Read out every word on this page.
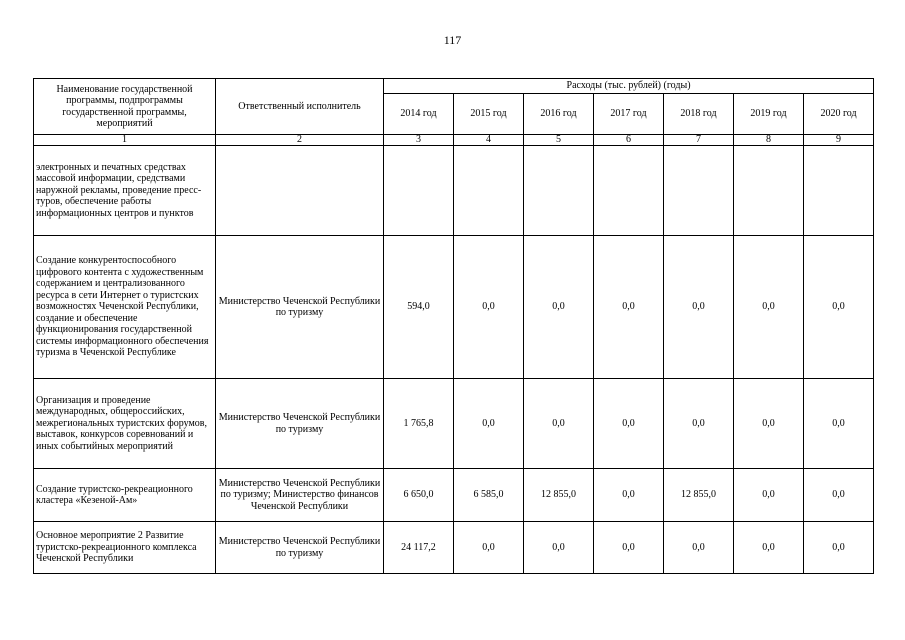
117
Наименование государственной программы, подпрограммы государственной программы, мероприятий	Ответственный исполнитель	Расходы (тыс. рублей) (годы)						
		2014 год	2015 год	2016 год	2017 год	2018 год	2019 год	2020 год
1	2	3	4	5	6	7	8	9
электронных и печатных средствах массовой информации, средствами наружной рекламы, проведение пресс-туров, обеспечение работы информационных центров и пунктов								
Создание конкурентоспособного цифрового контента с художественным содержанием и централизованного ресурса в сети Интернет о туристских возможностях Чеченской Республики, создание и обеспечение функционирования государственной системы информационного обеспечения туризма в Чеченской Республике	Министерство Чеченской Республики по туризму	594,0	0,0	0,0	0,0	0,0	0,0	0,0
Организация и проведение международных, общероссийских, межрегиональных туристских форумов, выставок, конкурсов соревнований и иных событийных мероприятий	Министерство Чеченской Республики по туризму	1 765,8	0,0	0,0	0,0	0,0	0,0	0,0
Создание туристско-рекреационного кластера «Кезеной-Ам»	Министерство Чеченской Республики по туризму; Министерство финансов Чеченской Республики	6 650,0	6 585,0	12 855,0	0,0	12 855,0	0,0	0,0
Основное мероприятие 2 Развитие туристско-рекреационного комплекса Чеченской Республики	Министерство Чеченской Республики по туризму	24 117,2	0,0	0,0	0,0	0,0	0,0	0,0
